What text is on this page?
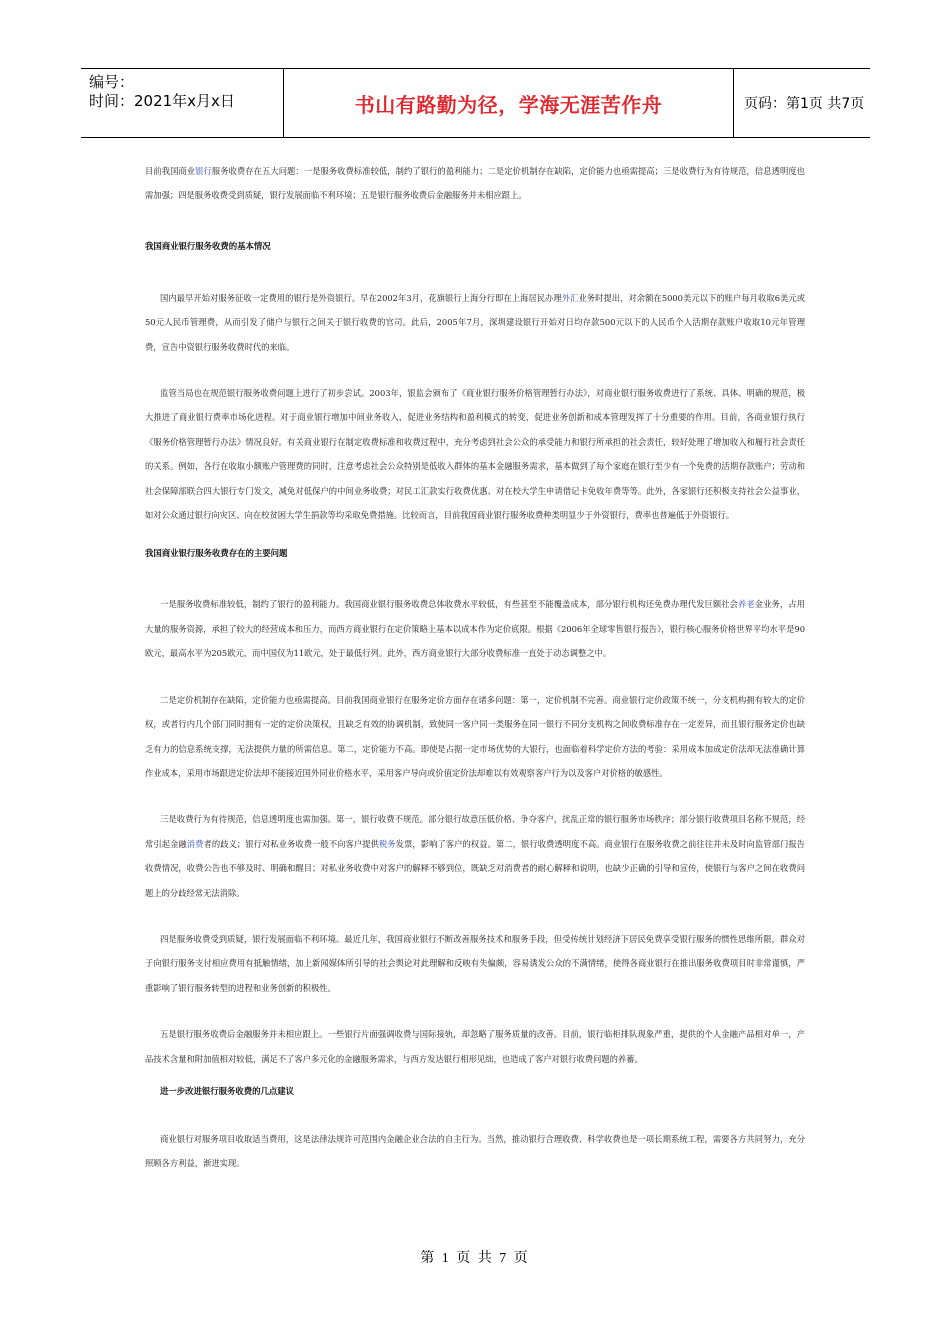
编号：
时间：2021年x月x日	书山有路勤为径，学海无涯苦作舟	页码：第1页 共7页

目前我国商业银行服务收费存在五大问题：一是服务收费标准较低，制约了银行的盈利能力；二是定价机制存在缺陷，定价能力也亟需提高；三是收费行为有待规范，信息透明度也需加强；四是服务收费受到质疑，银行发展面临不利环境；五是银行服务收费后金融服务并未相应跟上。

我国商业银行服务收费的基本情况

国内最早开始对服务征收一定费用的银行是外资银行。早在2002年3月，花旗银行上海分行即在上海居民办理外汇业务时提出，对余额在5000美元以下的账户每月收取6美元或50元人民币管理费，从而引发了储户与银行之间关于银行收费的官司。此后，2005年7月，深圳建设银行开始对日均存款500元以下的人民币个人活期存款账户收取10元年管理费，宣告中资银行服务收费时代的来临。

监管当局也在规范银行服务收费问题上进行了初步尝试。2003年，银监会颁布了《商业银行服务价格管理暂行办法》，对商业银行服务收费进行了系统、具体、明确的规范，极大推进了商业银行费率市场化进程。对于商业银行增加中间业务收入，促进业务结构和盈利模式的转变，促进业务创新和成本管理发挥了十分重要的作用。目前，各商业银行执行《服务价格管理暂行办法》情况良好。有关商业银行在制定收费标准和收费过程中，充分考虑到社会公众的承受能力和银行所承担的社会责任，较好处理了增加收入和履行社会责任的关系。例如，各行在收取小额账户管理费的同时，注意考虑社会公众特别是低收入群体的基本金融服务需求，基本做到了每个家庭在银行至少有一个免费的活期存款账户；劳动和社会保障部联合四大银行专门发文，减免对低保户的中间业务收费；对民工汇款实行收费优惠、对在校大学生申请借记卡免收年费等等。此外，各家银行还积极支持社会公益事业，如对公众通过银行向灾区、向在校贫困大学生捐款等均采取免费措施。比较而言，目前我国商业银行服务收费种类明显少于外资银行，费率也普遍低于外资银行。

我国商业银行服务收费存在的主要问题

一是服务收费标准较低，制约了银行的盈利能力。我国商业银行服务收费总体收费水平较低，有些甚至不能覆盖成本，部分银行机构还免费办理代发巨额社会养老金业务，占用大量的服务资源，承担了较大的经营成本和压力，而西方商业银行在定价策略上基本以成本作为定价底限。根据《2006年全球零售银行报告》，银行核心服务价格世界平均水平是90欧元，最高水平为205欧元，而中国仅为11欧元，处于最低行列。此外，西方商业银行大部分收费标准一直处于动态调整之中。

二是定价机制存在缺陷，定价能力也亟需提高。目前我国商业银行在服务定价方面存在诸多问题：第一，定价机制不完善。商业银行定价政策不统一，分支机构拥有较大的定价权，或者行内几个部门同时拥有一定的定价决策权，且缺乏有效的协调机制，致使同一客户同一类服务在同一银行不同分支机构之间收费标准存在一定差异，而且银行服务定价也缺乏有力的信息系统支撑，无法提供力量的所需信息。第二，定价能力不高。即使是占据一定市场优势的大银行，也面临着科学定价方法的考验：采用成本加成定价法却无法准确计算作业成本，采用市场跟进定价法却不能接近国外同业价格水平，采用客户导向或价值定价法却难以有效观察客户行为以及客户对价格的敏感性。

三是收费行为有待规范，信息透明度也需加强。第一，银行收费不规范。部分银行故意压低价格、争夺客户，扰乱正常的银行服务市场秩序；部分银行收费项目名称不规范，经常引起金融消费者的歧义；银行对私业务收费一般不向客户提供税务发票，影响了客户的权益。第二，银行收费透明度不高。商业银行在服务收费之前往往并未及时向监管部门报告收费情况，收费公告也不够及时、明确和醒目；对私业务收费中对客户的解释不够到位，既缺乏对消费者的耐心解释和说明，也缺少正确的引导和宣传，使银行与客户之间在收费问题上的分歧经常无法消除。

四是服务收费受到质疑，银行发展面临不利环境。最近几年，我国商业银行不断改善服务技术和服务手段，但受传统计划经济下居民免费享受银行服务的惯性思维所限，群众对于向银行服务支付相应费用有抵触情绪，加上新闻媒体所引导的社会舆论对此理解和反映有失偏颇，容易诱发公众的不满情绪，使得各商业银行在推出服务收费项目时非常谨慎，严重影响了银行服务转型的进程和业务创新的积极性。

五是银行服务收费后金融服务并未相应跟上。一些银行片面强调收费与国际接轨，却忽略了服务质量的改善。目前，银行临柜排队现象严重，提供的个人金融产品相对单一，产品技术含量和附加值相对较低，满足不了客户多元化的金融服务需求，与西方发达银行相形见绌，也造成了客户对银行收费问题的养蓄。

进一步改进银行服务收费的几点建议

商业银行对服务项目收取适当费用，这是法律法规许可范围内金融企业合法的自主行为。当然，推动银行合理收费、科学收费也是一项长期系统工程，需要各方共同努力，充分照顾各方利益，渐进实现。

第 1 页 共 7 页
